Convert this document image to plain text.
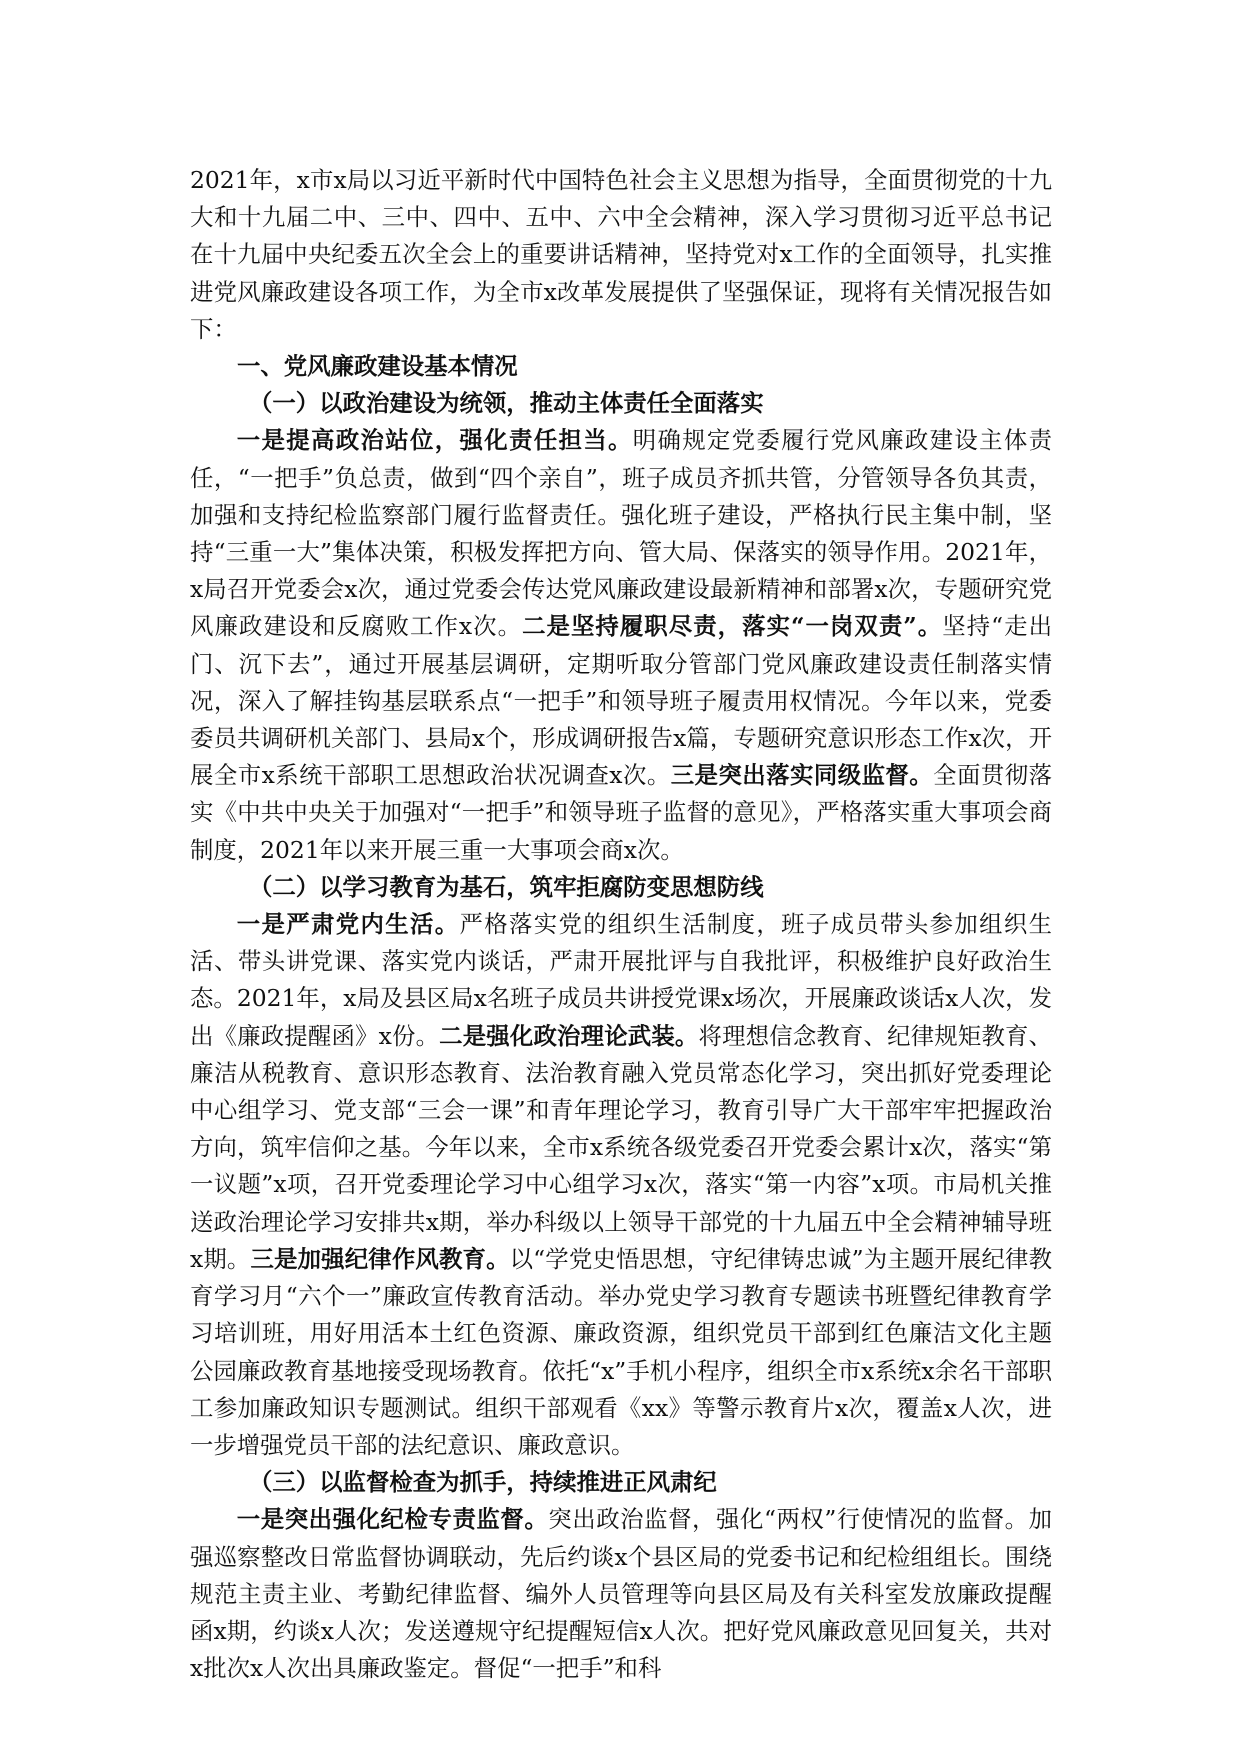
2021年，x市x局以习近平新时代中国特色社会主义思想为指导，全面贯彻党的十九大和十九届二中、三中、四中、五中、六中全会精神，深入学习贯彻习近平总书记在十九届中央纪委五次全会上的重要讲话精神，坚持党对x工作的全面领导，扎实推进党风廉政建设各项工作，为全市x改革发展提供了坚强保证，现将有关情况报告如下：

一、党风廉政建设基本情况

（一）以政治建设为统领，推动主体责任全面落实

一是提高政治站位，强化责任担当。明确规定党委履行党风廉政建设主体责任，“一把手”负总责，做到“四个亲自”，班子成员齐抓共管，分管领导各负其责，加强和支持纪检监察部门履行监督责任。强化班子建设，严格执行民主集中制，坚持“三重一大”集体决策，积极发挥把方向、管大局、保落实的领导作用。2021年，x局召开党委会x次，通过党委会传达党风廉政建设最新精神和部署x次，专题研究党风廉政建设和反腐败工作x次。二是坚持履职尽责，落实“一岗双责”。坚持“走出门、沉下去”，通过开展基层调研，定期听取分管部门党风廉政建设责任制落实情况，深入了解挂钩基层联系点“一把手”和领导班子履责用权情况。今年以来，党委委员共调研机关部门、县局x个，形成调研报告x篇，专题研究意识形态工作x次，开展全市x系统干部职工思想政治状况调查x次。三是突出落实同级监督。全面贯彻落实《中共中央关于加强对“一把手”和领导班子监督的意见》，严格落实重大事项会商制度，2021年以来开展三重一大事项会商x次。

（二）以学习教育为基石，筑牢拒腐防变思想防线

一是严肃党内生活。严格落实党的组织生活制度，班子成员带头参加组织生活、带头讲党课、落实党内谈话，严肃开展批评与自我批评，积极维护良好政治生态。2021年，x局及县区局x名班子成员共讲授党课x场次，开展廉政谈话x人次，发出《廉政提醒函》x份。二是强化政治理论武装。将理想信念教育、纪律规矩教育、廉洁从税教育、意识形态教育、法治教育融入党员常态化学习，突出抓好党委理论中心组学习、党支部“三会一课”和青年理论学习，教育引导广大干部牢牢把握政治方向，筑牢信仰之基。今年以来，全市x系统各级党委召开党委会累计x次，落实“第一议题”x项，召开党委理论学习中心组学习x次，落实“第一内容”x项。市局机关推送政治理论学习安排共x期，举办科级以上领导干部党的十九届五中全会精神辅导班x期。三是加强纪律作风教育。以“学党史悟思想，守纪律铸忠诚”为主题开展纪律教育学习月“六个一”廉政宣传教育活动。举办党史学习教育专题读书班暨纪律教育学习培训班，用好用活本土红色资源、廉政资源，组织党员干部到红色廉洁文化主题公园廉政教育基地接受现场教育。依托“x”手机小程序，组织全市x系统x余名干部职工参加廉政知识专题测试。组织干部观看《xx》等警示教育片x次，覆盖x人次，进一步增强党员干部的法纪意识、廉政意识。

（三）以监督检查为抓手，持续推进正风肃纪

一是突出强化纪检专责监督。突出政治监督，强化“两权”行使情况的监督。加强巡察整改日常监督协调联动，先后约谈x个县区局的党委书记和纪检组组长。围绕规范主责主业、考勤纪律监督、编外人员管理等向县区局及有关科室发放廉政提醒函x期，约谈x人次；发送遵规守纪提醒短信x人次。把好党风廉政意见回复关，共对x批次x人次出具廉政鉴定。督促“一把手”和科
